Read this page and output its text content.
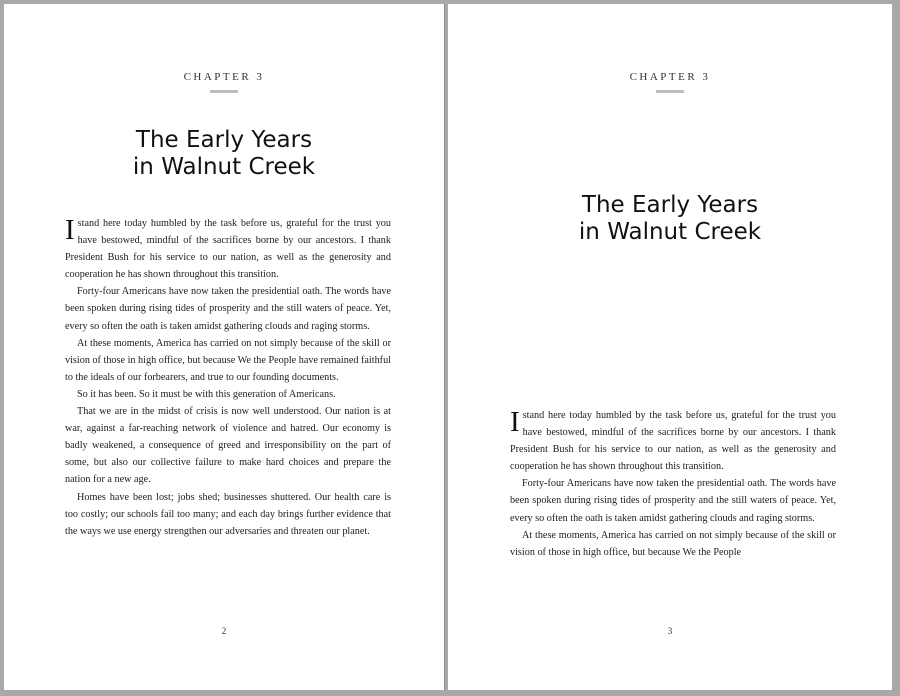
CHAPTER 3
The Early Years
in Walnut Creek

Istand here today humbled by the task before us, grateful for the trust you have bestowed, mindful of the sacrifices borne by our ancestors. I thank President Bush for his service to our nation, as well as the generosity and cooperation he has shown throughout this transition.

Forty-four Americans have now taken the presidential oath. The words have been spoken during rising tides of prosperity and the still waters of peace. Yet, every so often the oath is taken amidst gathering clouds and raging storms.

At these moments, America has carried on not simply because of the skill or vision of those in high office, but because We the People have remained faithful to the ideals of our forbearers, and true to our founding documents.

So it has been. So it must be with this generation of Americans.

That we are in the midst of crisis is now well understood. Our nation is at war, against a far-reaching network of violence and hatred. Our economy is badly weakened, a consequence of greed and irresponsibility on the part of some, but also our collective failure to make hard choices and prepare the nation for a new age.

Homes have been lost; jobs shed; businesses shuttered. Our health care is too costly; our schools fail too many; and each day brings further evidence that the ways we use energy strengthen our adversaries and threaten our planet.

2
CHAPTER 3
The Early Years
in Walnut Creek

Istand here today humbled by the task before us, grateful for the trust you have bestowed, mindful of the sacrifices borne by our ancestors. I thank President Bush for his service to our nation, as well as the generosity and cooperation he has shown throughout this transition.

Forty-four Americans have now taken the presidential oath. The words have been spoken during rising tides of prosperity and the still waters of peace. Yet, every so often the oath is taken amidst gathering clouds and raging storms.

At these moments, America has carried on not simply because of the skill or vision of those in high office, but because We the People

3
